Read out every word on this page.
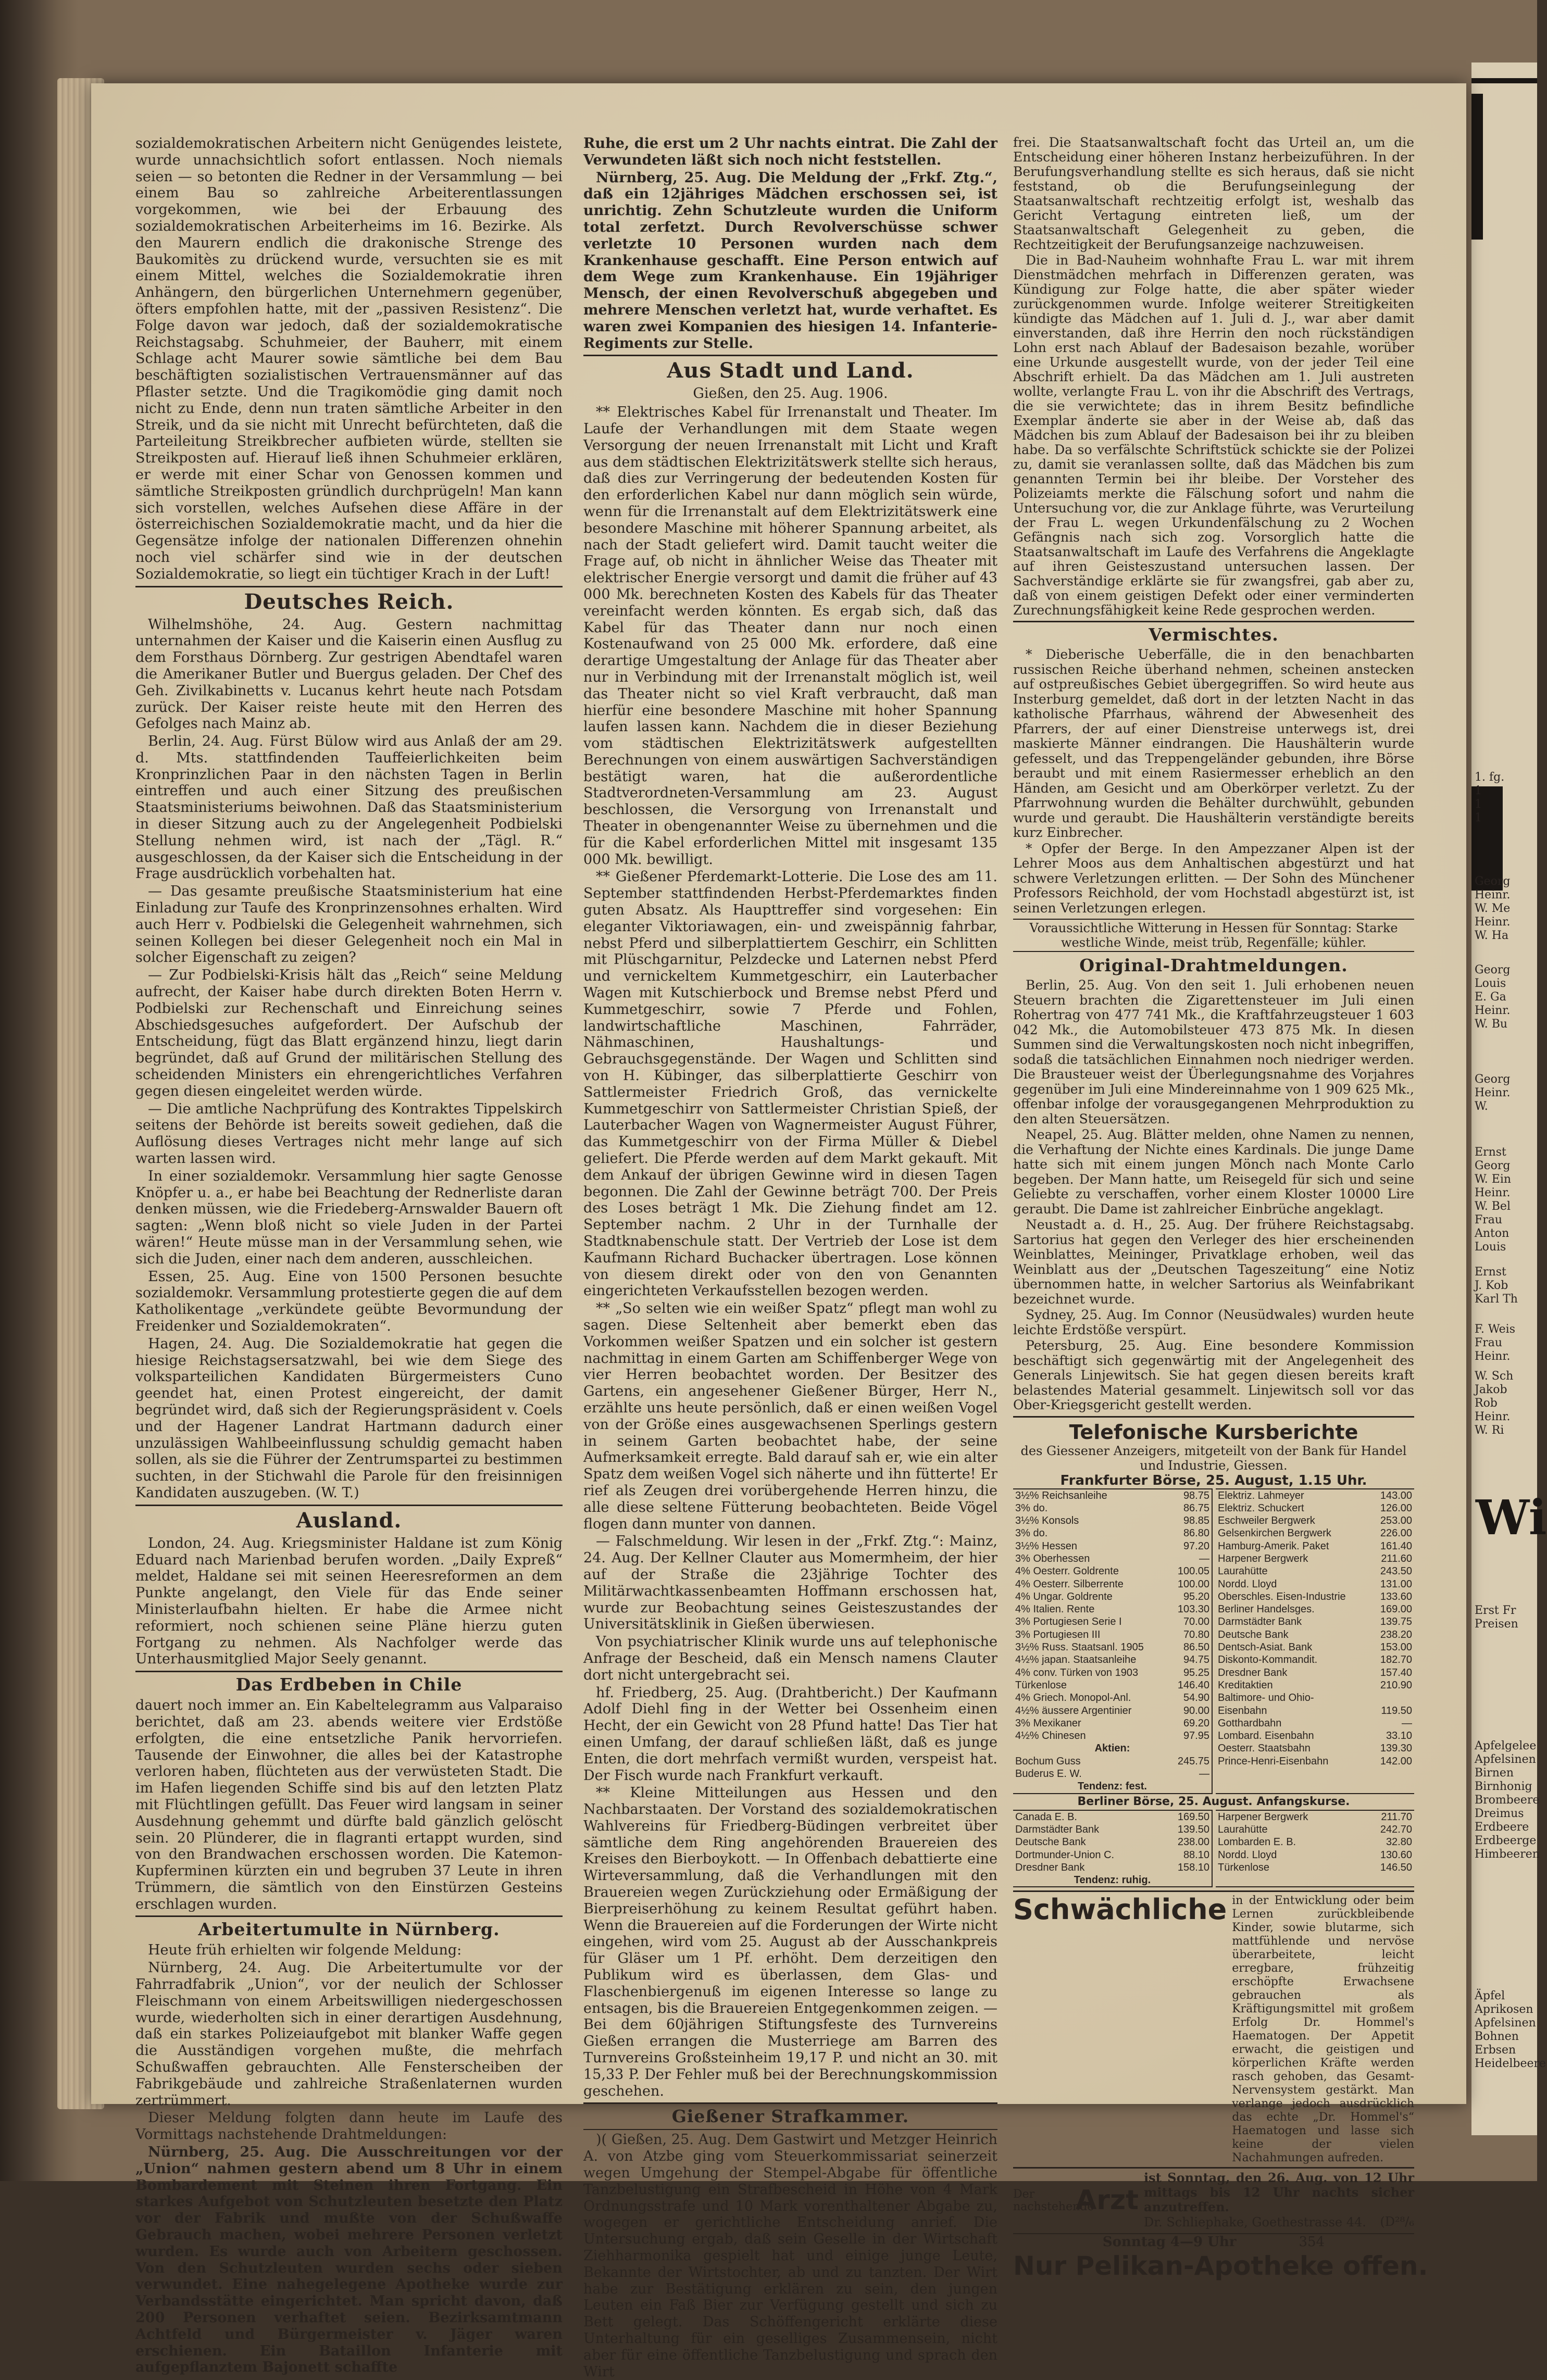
1. fg.
1
1
1
Georg
Heinr.
W. Me
Heinr.
W. Ha
Georg
Louis
E. Ga
Heinr.
W. Bu
Georg
Heinr.
W.
Ernst
Georg
W. Ein
Heinr.
W. Bel
Frau
Anton
Louis
Ernst
J. Kob
Karl Th
F. Weis
Frau
Heinr.
W. Sch
Jakob
Rob
Heinr.
W. Ri
Wi
Erst Fr
Preisen
Apfelgelee
Apfelsinen
Birnen
Birnhonig
Brombeere
Dreimus
Erdbeere
Erdbeerge
Himbeeren
Äpfel
Aprikosen
Apfelsinen
Bohnen
Erbsen
Heidelbeere

sozialdemokratischen Arbeitern nicht Genügendes leistete, wurde unnachsichtlich sofort entlassen. Noch niemals seien — so betonten die Redner in der Versammlung — bei einem Bau so zahlreiche Arbeiterentlassungen vorgekommen, wie bei der Erbauung des sozialdemokratischen Arbeiterheims im 16. Bezirke. Als den Maurern endlich die drakonische Strenge des Baukomitès zu drückend wurde, versuchten sie es mit einem Mittel, welches die Sozialdemokratie ihren Anhängern, den bürgerlichen Unternehmern gegenüber, öfters empfohlen hatte, mit der „passiven Resistenz“. Die Folge davon war jedoch, daß der sozialdemokratische Reichstagsabg. Schuhmeier, der Bauherr, mit einem Schlage acht Maurer sowie sämtliche bei dem Bau beschäftigten sozialistischen Vertrauensmänner auf das Pflaster setzte. Und die Tragikomödie ging damit noch nicht zu Ende, denn nun traten sämtliche Arbeiter in den Streik, und da sie nicht mit Unrecht befürchteten, daß die Parteileitung Streikbrecher aufbieten würde, stellten sie Streikposten auf. Hierauf ließ ihnen Schuhmeier erklären, er werde mit einer Schar von Genossen kommen und sämtliche Streikposten gründlich durchprügeln! Man kann sich vorstellen, welches Aufsehen diese Affäre in der österreichischen Sozialdemokratie macht, und da hier die Gegensätze infolge der nationalen Differenzen ohnehin noch viel schärfer sind wie in der deutschen Sozialdemokratie, so liegt ein tüchtiger Krach in der Luft!

Deutsches Reich.

Wilhelmshöhe, 24. Aug. Gestern nachmittag unternahmen der Kaiser und die Kaiserin einen Ausflug zu dem Forsthaus Dörnberg. Zur gestrigen Abendtafel waren die Amerikaner Butler und Buergus geladen. Der Chef des Geh. Zivilkabinetts v. Lucanus kehrt heute nach Potsdam zurück. Der Kaiser reiste heute mit den Herren des Gefolges nach Mainz ab.

Berlin, 24. Aug. Fürst Bülow wird aus Anlaß der am 29. d. Mts. stattfindenden Tauffeierlichkeiten beim Kronprinzlichen Paar in den nächsten Tagen in Berlin eintreffen und auch einer Sitzung des preußischen Staatsministeriums beiwohnen. Daß das Staatsministerium in dieser Sitzung auch zu der Angelegenheit Podbielski Stellung nehmen wird, ist nach der „Tägl. R.“ ausgeschlossen, da der Kaiser sich die Entscheidung in der Frage ausdrücklich vorbehalten hat.

— Das gesamte preußische Staatsministerium hat eine Einladung zur Taufe des Kronprinzensohnes erhalten. Wird auch Herr v. Podbielski die Gelegenheit wahrnehmen, sich seinen Kollegen bei dieser Gelegenheit noch ein Mal in solcher Eigenschaft zu zeigen?

— Zur Podbielski-Krisis hält das „Reich“ seine Meldung aufrecht, der Kaiser habe durch direkten Boten Herrn v. Podbielski zur Rechenschaft und Einreichung seines Abschiedsgesuches aufgefordert. Der Aufschub der Entscheidung, fügt das Blatt ergänzend hinzu, liegt darin begründet, daß auf Grund der militärischen Stellung des scheidenden Ministers ein ehrengerichtliches Verfahren gegen diesen eingeleitet werden würde.

— Die amtliche Nachprüfung des Kontraktes Tippelskirch seitens der Behörde ist bereits soweit gediehen, daß die Auflösung dieses Vertrages nicht mehr lange auf sich warten lassen wird.

In einer sozialdemokr. Versammlung hier sagte Genosse Knöpfer u. a., er habe bei Beachtung der Rednerliste daran denken müssen, wie die Friedeberg-Arnswalder Bauern oft sagten: „Wenn bloß nicht so viele Juden in der Partei wären!“ Heute müsse man in der Versammlung sehen, wie sich die Juden, einer nach dem anderen, ausschleichen.

Essen, 25. Aug. Eine von 1500 Personen besuchte sozialdemokr. Versammlung protestierte gegen die auf dem Katholikentage „verkündete geübte Bevormundung der Freidenker und Sozialdemokraten“.

Hagen, 24. Aug. Die Sozialdemokratie hat gegen die hiesige Reichstagsersatzwahl, bei wie dem Siege des volksparteilichen Kandidaten Bürgermeisters Cuno geendet hat, einen Protest eingereicht, der damit begründet wird, daß sich der Regierungspräsident v. Coels und der Hagener Landrat Hartmann dadurch einer unzulässigen Wahlbeeinflussung schuldig gemacht haben sollen, als sie die Führer der Zentrumspartei zu bestimmen suchten, in der Stichwahl die Parole für den freisinnigen Kandidaten auszugeben. (W. T.)

Ausland.

London, 24. Aug. Kriegsminister Haldane ist zum König Eduard nach Marienbad berufen worden. „Daily Expreß“ meldet, Haldane sei mit seinen Heeresreformen an dem Punkte angelangt, den Viele für das Ende seiner Ministerlaufbahn hielten. Er habe die Armee nicht reformiert, noch schienen seine Pläne hierzu guten Fortgang zu nehmen. Als Nachfolger werde das Unterhausmitglied Major Seely genannt.

Das Erdbeben in Chile

dauert noch immer an. Ein Kabeltelegramm aus Valparaiso berichtet, daß am 23. abends weitere vier Erdstöße erfolgten, die eine entsetzliche Panik hervorriefen. Tausende der Einwohner, die alles bei der Katastrophe verloren haben, flüchteten aus der verwüsteten Stadt. Die im Hafen liegenden Schiffe sind bis auf den letzten Platz mit Flüchtlingen gefüllt. Das Feuer wird langsam in seiner Ausdehnung gehemmt und dürfte bald gänzlich gelöscht sein. 20 Plünderer, die in flagranti ertappt wurden, sind von den Brandwachen erschossen worden. Die Katemon-Kupferminen kürzten ein und begruben 37 Leute in ihren Trümmern, die sämtlich von den Einstürzen Gesteins erschlagen wurden.

Arbeitertumulte in Nürnberg.

Heute früh erhielten wir folgende Meldung:

Nürnberg, 24. Aug. Die Arbeitertumulte vor der Fahrradfabrik „Union“, vor der neulich der Schlosser Fleischmann von einem Arbeitswilligen niedergeschossen wurde, wiederholten sich in einer derartigen Ausdehnung, daß ein starkes Polizeiaufgebot mit blanker Waffe gegen die Ausständigen vorgehen mußte, die mehrfach Schußwaffen gebrauchten. Alle Fensterscheiben der Fabrikgebäude und zahlreiche Straßenlaternen wurden zertrümmert.

Dieser Meldung folgten dann heute im Laufe des Vormittags nachstehende Drahtmeldungen:

Nürnberg, 25. Aug. Die Ausschreitungen vor der „Union“ nahmen gestern abend um 8 Uhr in einem Bombardement mit Steinen ihren Fortgang. Ein starkes Aufgebot von Schutzleuten besetzte den Platz vor der Fabrik und mußte von der Schußwaffe Gebrauch machen, wobei mehrere Personen verletzt wurden. Es wurde auch von Arbeitern geschossen. Von den Schutzleuten wurden sechs oder sieben verwundet. Eine nahegelegene Apotheke wurde zur Verbandsstätte eingerichtet. Man spricht davon, daß 200 Personen verhaftet seien. Bezirksamtmann Achtfeld und Bürgermeister v. Jäger waren erschienen. Ein Bataillon Infanterie mit aufgepflanztem Bajonett schaffte

Ruhe, die erst um 2 Uhr nachts eintrat. Die Zahl der Verwundeten läßt sich noch nicht feststellen.

Nürnberg, 25. Aug. Die Meldung der „Frkf. Ztg.“, daß ein 12jähriges Mädchen erschossen sei, ist unrichtig. Zehn Schutzleute wurden die Uniform total zerfetzt. Durch Revolverschüsse schwer verletzte 10 Personen wurden nach dem Krankenhause geschafft. Eine Person entwich auf dem Wege zum Krankenhause. Ein 19jähriger Mensch, der einen Revolverschuß abgegeben und mehrere Menschen verletzt hat, wurde verhaftet. Es waren zwei Kompanien des hiesigen 14. Infanterie-Regiments zur Stelle.

Aus Stadt und Land.
Gießen, den 25. Aug. 1906.

** Elektrisches Kabel für Irrenanstalt und Theater. Im Laufe der Verhandlungen mit dem Staate wegen Versorgung der neuen Irrenanstalt mit Licht und Kraft aus dem städtischen Elektrizitätswerk stellte sich heraus, daß dies zur Verringerung der bedeutenden Kosten für den erforderlichen Kabel nur dann möglich sein würde, wenn für die Irrenanstalt auf dem Elektrizitätswerk eine besondere Maschine mit höherer Spannung arbeitet, als nach der Stadt geliefert wird. Damit taucht weiter die Frage auf, ob nicht in ähnlicher Weise das Theater mit elektrischer Energie versorgt und damit die früher auf 43 000 Mk. berechneten Kosten des Kabels für das Theater vereinfacht werden könnten. Es ergab sich, daß das Kabel für das Theater dann nur noch einen Kostenaufwand von 25 000 Mk. erfordere, daß eine derartige Umgestaltung der Anlage für das Theater aber nur in Verbindung mit der Irrenanstalt möglich ist, weil das Theater nicht so viel Kraft verbraucht, daß man hierfür eine besondere Maschine mit hoher Spannung laufen lassen kann. Nachdem die in dieser Beziehung vom städtischen Elektrizitätswerk aufgestellten Berechnungen von einem auswärtigen Sachverständigen bestätigt waren, hat die außerordentliche Stadtverordneten-Versammlung am 23. August beschlossen, die Versorgung von Irrenanstalt und Theater in obengenannter Weise zu übernehmen und die für die Kabel erforderlichen Mittel mit insgesamt 135 000 Mk. bewilligt.

** Gießener Pferdemarkt-Lotterie. Die Lose des am 11. September stattfindenden Herbst-Pferdemarktes finden guten Absatz. Als Haupttreffer sind vorgesehen: Ein eleganter Viktoriawagen, ein- und zweispännig fahrbar, nebst Pferd und silberplattiertem Geschirr, ein Schlitten mit Plüschgarnitur, Pelzdecke und Laternen nebst Pferd und vernickeltem Kummetgeschirr, ein Lauterbacher Wagen mit Kutschierbock und Bremse nebst Pferd und Kummetgeschirr, sowie 7 Pferde und Fohlen, landwirtschaftliche Maschinen, Fahrräder, Nähmaschinen, Haushaltungs- und Gebrauchsgegenstände. Der Wagen und Schlitten sind von H. Kübinger, das silberplattierte Geschirr von Sattlermeister Friedrich Groß, das vernickelte Kummetgeschirr von Sattlermeister Christian Spieß, der Lauterbacher Wagen von Wagnermeister August Führer, das Kummetgeschirr von der Firma Müller & Diebel geliefert. Die Pferde werden auf dem Markt gekauft. Mit dem Ankauf der übrigen Gewinne wird in diesen Tagen begonnen. Die Zahl der Gewinne beträgt 700. Der Preis des Loses beträgt 1 Mk. Die Ziehung findet am 12. September nachm. 2 Uhr in der Turnhalle der Stadtknabenschule statt. Der Vertrieb der Lose ist dem Kaufmann Richard Buchacker übertragen. Lose können von diesem direkt oder von den von Genannten eingerichteten Verkaufsstellen bezogen werden.

** „So selten wie ein weißer Spatz“ pflegt man wohl zu sagen. Diese Seltenheit aber bemerkt eben das Vorkommen weißer Spatzen und ein solcher ist gestern nachmittag in einem Garten am Schiffenberger Wege von vier Herren beobachtet worden. Der Besitzer des Gartens, ein angesehener Gießener Bürger, Herr N., erzählte uns heute persönlich, daß er einen weißen Vogel von der Größe eines ausgewachsenen Sperlings gestern in seinem Garten beobachtet habe, der seine Aufmerksamkeit erregte. Bald darauf sah er, wie ein alter Spatz dem weißen Vogel sich näherte und ihn fütterte! Er rief als Zeugen drei vorübergehende Herren hinzu, die alle diese seltene Fütterung beobachteten. Beide Vögel flogen dann munter von dannen.

— Falschmeldung. Wir lesen in der „Frkf. Ztg.“: Mainz, 24. Aug. Der Kellner Clauter aus Momermheim, der hier auf der Straße die 23jährige Tochter des Militärwachtkassenbeamten Hoffmann erschossen hat, wurde zur Beobachtung seines Geisteszustandes der Universitätsklinik in Gießen überwiesen.

Von psychiatrischer Klinik wurde uns auf telephonische Anfrage der Bescheid, daß ein Mensch namens Clauter dort nicht untergebracht sei.

hf. Friedberg, 25. Aug. (Drahtbericht.) Der Kaufmann Adolf Diehl fing in der Wetter bei Ossenheim einen Hecht, der ein Gewicht von 28 Pfund hatte! Das Tier hat einen Umfang, der darauf schließen läßt, daß es junge Enten, die dort mehrfach vermißt wurden, verspeist hat. Der Fisch wurde nach Frankfurt verkauft.

** Kleine Mitteilungen aus Hessen und den Nachbarstaaten. Der Vorstand des sozialdemokratischen Wahlvereins für Friedberg-Büdingen verbreitet über sämtliche dem Ring angehörenden Brauereien des Kreises den Bierboykott. — In Offenbach debattierte eine Wirteversammlung, daß die Verhandlungen mit den Brauereien wegen Zurückziehung oder Ermäßigung der Bierpreiserhöhung zu keinem Resultat geführt haben. Wenn die Brauereien auf die Forderungen der Wirte nicht eingehen, wird vom 25. August ab der Ausschankpreis für Gläser um 1 Pf. erhöht. Dem derzeitigen den Publikum wird es überlassen, dem Glas- und Flaschenbiergenuß im eigenen Interesse so lange zu entsagen, bis die Brauereien Entgegenkommen zeigen. — Bei dem 60jährigen Stiftungsfeste des Turnvereins Gießen errangen die Musterriege am Barren des Turnvereins Großsteinheim 19,17 P. und nicht an 30. mit 15,33 P. Der Fehler muß bei der Berechnungskommission geschehen.

Gießener Strafkammer.

)( Gießen, 25. Aug. Dem Gastwirt und Metzger Heinrich A. von Atzbe ging vom Steuerkommissariat seinerzeit wegen Umgehung der Stempel-Abgabe für öffentliche Tanzbelustigung ein Strafbescheid in Höhe von 4 Mark Ordnungsstrafe und 10 Mark vorenthaltener Abgabe zu, wogegen er gerichtliche Entscheidung anrief. Die Untersuchung ergab, daß sein Geselle in der Wirtschaft Ziehharmonika gespielt hat und einige junge Leute, Bekannte der Wirtstochter, ab und zu tanzten. Der Wirt habe zur Bestätigung erklären zu sein, den jungen Leuten ein Faß Bier zur Verfügung gestellt und sich zu Bett gelegt. Das Schöffengericht erklärte diese Unterhaltung für ein geselliges Zusammensein, nicht aber für eine öffentliche Tanzbelustigung und sprach den Wirt

frei. Die Staatsanwaltschaft focht das Urteil an, um die Entscheidung einer höheren Instanz herbeizuführen. In der Berufungsverhandlung stellte es sich heraus, daß sie nicht feststand, ob die Berufungseinlegung der Staatsanwaltschaft rechtzeitig erfolgt ist, weshalb das Gericht Vertagung eintreten ließ, um der Staatsanwaltschaft Gelegenheit zu geben, die Rechtzeitigkeit der Berufungsanzeige nachzuweisen.

Die in Bad-Nauheim wohnhafte Frau L. war mit ihrem Dienstmädchen mehrfach in Differenzen geraten, was Kündigung zur Folge hatte, die aber später wieder zurückgenommen wurde. Infolge weiterer Streitigkeiten kündigte das Mädchen auf 1. Juli d. J., war aber damit einverstanden, daß ihre Herrin den noch rückständigen Lohn erst nach Ablauf der Badesaison bezahle, worüber eine Urkunde ausgestellt wurde, von der jeder Teil eine Abschrift erhielt. Da das Mädchen am 1. Juli austreten wollte, verlangte Frau L. von ihr die Abschrift des Vertrags, die sie verwichtete; das in ihrem Besitz befindliche Exemplar änderte sie aber in der Weise ab, daß das Mädchen bis zum Ablauf der Badesaison bei ihr zu bleiben habe. Da so verfälschte Schriftstück schickte sie der Polizei zu, damit sie veranlassen sollte, daß das Mädchen bis zum genannten Termin bei ihr bleibe. Der Vorsteher des Polizeiamts merkte die Fälschung sofort und nahm die Untersuchung vor, die zur Anklage führte, was Verurteilung der Frau L. wegen Urkundenfälschung zu 2 Wochen Gefängnis nach sich zog. Vorsorglich hatte die Staatsanwaltschaft im Laufe des Verfahrens die Angeklagte auf ihren Geisteszustand untersuchen lassen. Der Sachverständige erklärte sie für zwangsfrei, gab aber zu, daß von einem geistigen Defekt oder einer verminderten Zurechnungsfähigkeit keine Rede gesprochen werden.

Vermischtes.

* Dieberische Ueberfälle, die in den benachbarten russischen Reiche überhand nehmen, scheinen anstecken auf ostpreußisches Gebiet übergegriffen. So wird heute aus Insterburg gemeldet, daß dort in der letzten Nacht in das katholische Pfarrhaus, während der Abwesenheit des Pfarrers, der auf einer Dienstreise unterwegs ist, drei maskierte Männer eindrangen. Die Haushälterin wurde gefesselt, und das Treppengeländer gebunden, ihre Börse beraubt und mit einem Rasiermesser erheblich an den Händen, am Gesicht und am Oberkörper verletzt. Zu der Pfarrwohnung wurden die Behälter durchwühlt, gebunden wurde und geraubt. Die Haushälterin verständigte bereits kurz Einbrecher.

* Opfer der Berge. In den Ampezzaner Alpen ist der Lehrer Moos aus dem Anhaltischen abgestürzt und hat schwere Verletzungen erlitten. — Der Sohn des Münchener Professors Reichhold, der vom Hochstadl abgestürzt ist, ist seinen Verletzungen erlegen.

Voraussichtliche Witterung in Hessen für Sonntag: Starke westliche Winde, meist trüb, Regenfälle; kühler.
Original-Drahtmeldungen.

Berlin, 25. Aug. Von den seit 1. Juli erhobenen neuen Steuern brachten die Zigarettensteuer im Juli einen Rohertrag von 477 741 Mk., die Kraftfahrzeugsteuer 1 603 042 Mk., die Automobilsteuer 473 875 Mk. In diesen Summen sind die Verwaltungskosten noch nicht inbegriffen, sodaß die tatsächlichen Einnahmen noch niedriger werden. Die Brausteuer weist der Überlegungsnahme des Vorjahres gegenüber im Juli eine Mindereinnahme von 1 909 625 Mk., offenbar infolge der vorausgegangenen Mehrproduktion zu den alten Steuersätzen.

Neapel, 25. Aug. Blätter melden, ohne Namen zu nennen, die Verhaftung der Nichte eines Kardinals. Die junge Dame hatte sich mit einem jungen Mönch nach Monte Carlo begeben. Der Mann hatte, um Reisegeld für sich und seine Geliebte zu verschaffen, vorher einem Kloster 10000 Lire geraubt. Die Dame ist zahlreicher Einbrüche angeklagt.

Neustadt a. d. H., 25. Aug. Der frühere Reichstagsabg. Sartorius hat gegen den Verleger des hier erscheinenden Weinblattes, Meininger, Privatklage erhoben, weil das Weinblatt aus der „Deutschen Tageszeitung“ eine Notiz übernommen hatte, in welcher Sartorius als Weinfabrikant bezeichnet wurde.

Sydney, 25. Aug. Im Connor (Neusüdwales) wurden heute leichte Erdstöße verspürt.

Petersburg, 25. Aug. Eine besondere Kommission beschäftigt sich gegenwärtig mit der Angelegenheit des Generals Linjewitsch. Sie hat gegen diesen bereits kraft belastendes Material gesammelt. Linjewitsch soll vor das Ober-Kriegsgericht gestellt werden.

Telefonische Kursberichte
des Giessener Anzeigers, mitgeteilt von der Bank für Handel und Industrie, Giessen.
Frankfurter Börse, 25. August, 1.15 Uhr.
3½% Reichsanleihe	98.75
3% do.	86.75
3½% Konsols	98.85
3% do.	86.80
3½% Hessen	97.20
3% Oberhessen	—
4% Oesterr. Goldrente	100.05
4% Oesterr. Silberrente	100.00
4% Ungar. Goldrente	95.20
4% Italien. Rente	103.30
3% Portugiesen Serie I	70.00
3% Portugiesen III	70.80
3½% Russ. Staatsanl. 1905	86.50
4½% japan. Staatsanleihe	94.75
4% conv. Türken von 1903	95.25
Türkenlose	146.40
4% Griech. Monopol-Anl.	54.90
4½% äussere Argentinier	90.00
3% Mexikaner	69.20
4½% Chinesen	97.95
Aktien:
Bochum Guss	245.75
Buderus E. W.	—
Tendenz: fest.
Elektriz. Lahmeyer	143.00
Elektriz. Schuckert	126.00
Eschweiler Bergwerk	253.00
Gelsenkirchen Bergwerk	226.00
Hamburg-Amerik. Paket	161.40
Harpener Bergwerk	211.60
Laurahütte	243.50
Nordd. Lloyd	131.00
Oberschles. Eisen-Industrie	133.60
Berliner Handelsges.	169.00
Darmstädter Bank	139.75
Deutsche Bank	238.20
Dentsch-Asiat. Bank	153.00
Diskonto-Kommandit.	182.70
Dresdner Bank	157.40
Kreditaktien	210.90
Baltimore- und Ohio-
Eisenbahn	119.50
Gotthardbahn	—
Lombard. Eisenbahn	33.10
Oesterr. Staatsbahn	139.30
Prince-Henri-Eisenbahn	142.00
Berliner Börse, 25. August. Anfangskurse.
Canada E. B.	169.50
Darmstädter Bank	139.50
Deutsche Bank	238.00
Dortmunder-Union C.	88.10
Dresdner Bank	158.10
Tendenz: ruhig.
Harpener Bergwerk	211.70
Laurahütte	242.70
Lombarden E. B.	32.80
Nordd. Lloyd	130.60
Türkenlose	146.50
Schwächliche in der Entwicklung oder beim Lernen zurückbleibende Kinder, sowie blutarme, sich mattfühlende und nervöse überarbeitete, leicht erregbare, frühzeitig erschöpfte Erwachsene gebrauchen als Kräftigungsmittel mit großem Erfolg Dr. Hommel's Haematogen. Der Appetit erwacht, die geistigen und körperlichen Kräfte werden rasch gehoben, das Gesamt-Nervensystem gestärkt. Man verlange jedoch ausdrücklich das echte „Dr. Hommel's“ Haematogen und lasse sich keine der vielen Nachahmungen aufreden.
Der nachstehende
Arzt
ist Sonntag, den 26. Aug. von 12 Uhr mittags bis 12 Uhr nachts sicher anzutreffen.
Dr. Schliephake, Goethestrasse 44. (D²⁸/₆
Sonntag 4—9 Uhr	354
Nur Pelikan-Apotheke offen.
